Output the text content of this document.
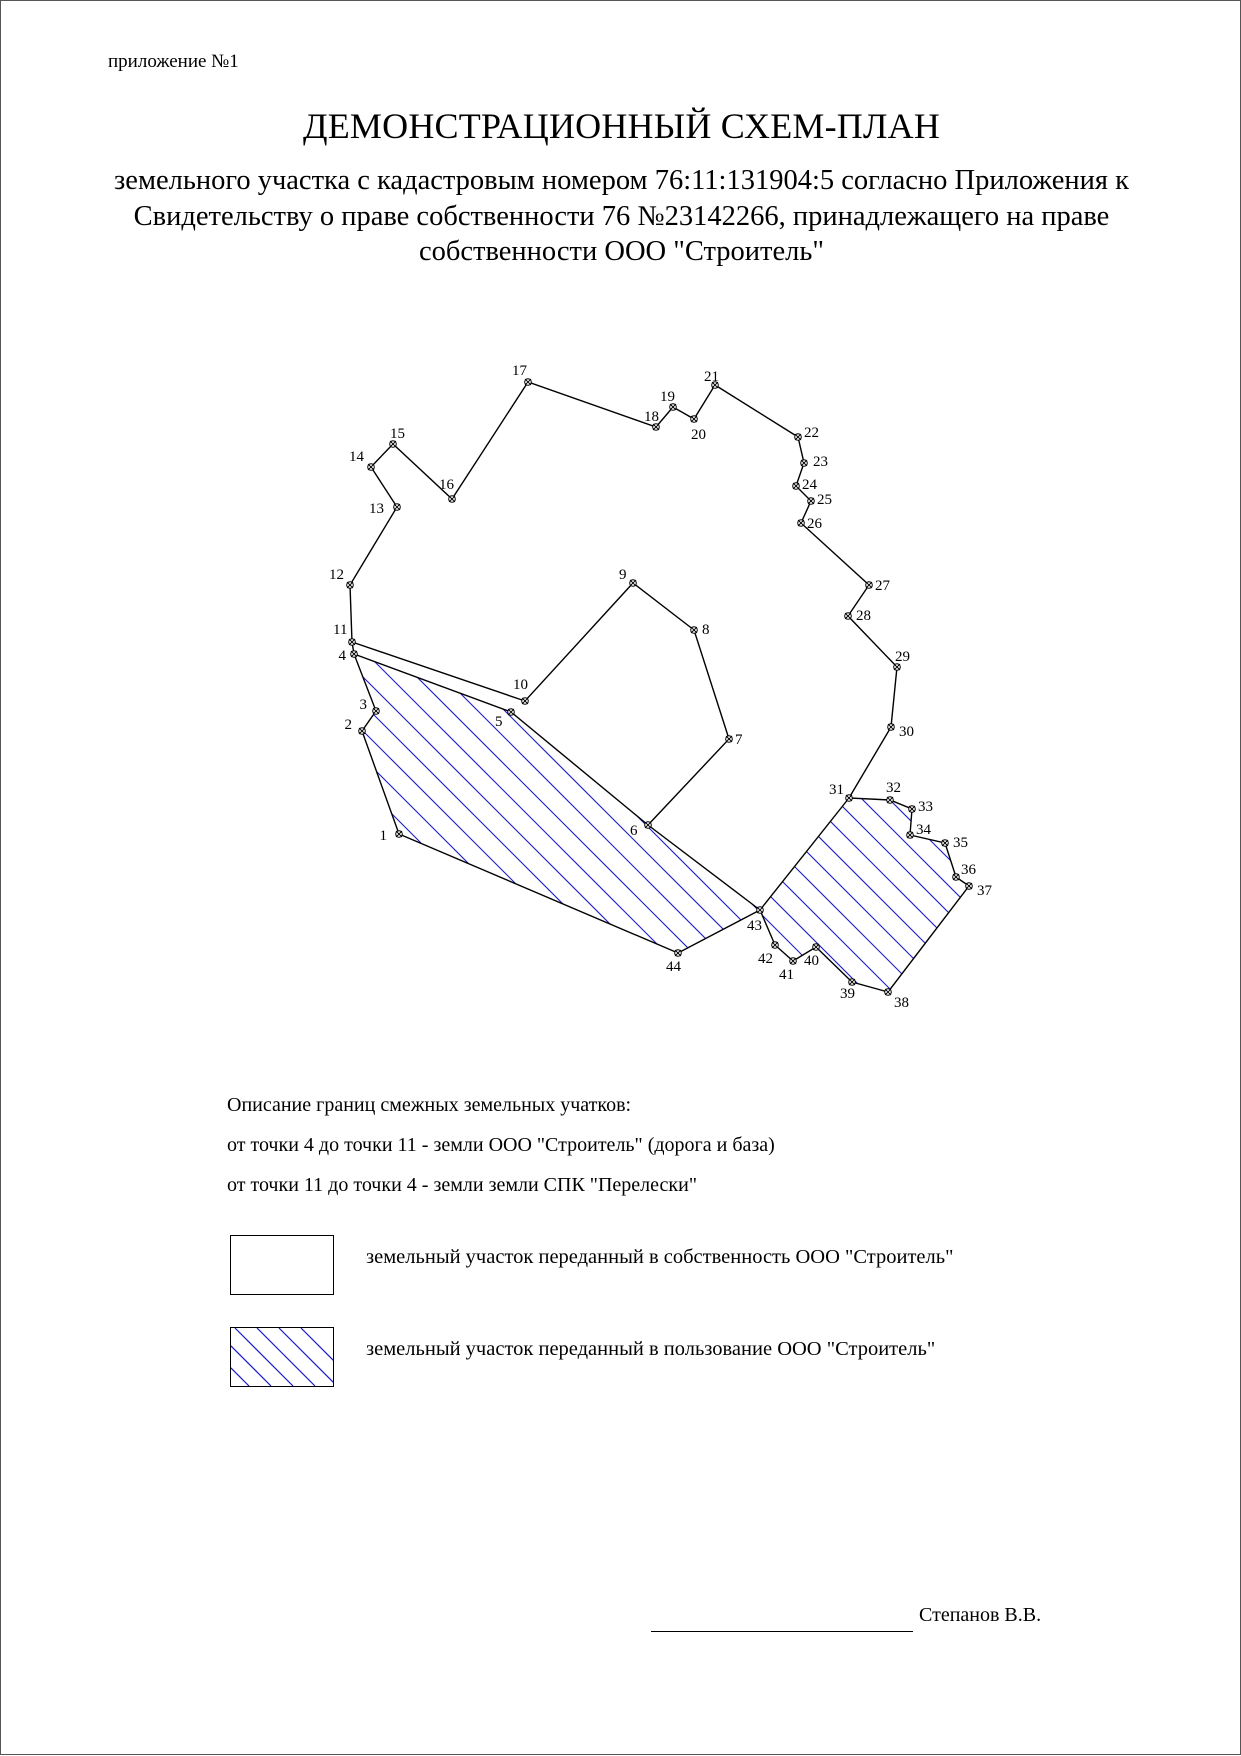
приложение №1
ДЕМОНСТРАЦИОННЫЙ СХЕМ-ПЛАН
земельного участка с кадастровым номером 76:11:131904:5 согласно Приложения к
Свидетельству о праве собственности 76 №23142266, принадлежащего на праве
собственности ООО "Строитель"
1
2
3
4
5
6
7
8
9
10
11
12
13
14
15
16
17
18
19
20
21
22
23
24
25
26
27
28
29
30
31	32
33
34
35
36
37
38
39
40
41
42
43
44
Описание границ смежных земельных учатков:
от точки 4 до точки 11 - земли ООО "Строитель" (дорога и база)
от точки 11 до точки 4 - земли земли СПК "Перелески"
земельный участок переданный в собственность ООО "Строитель"
земельный участок переданный в пользование ООО "Строитель"
Степанов В.В.
